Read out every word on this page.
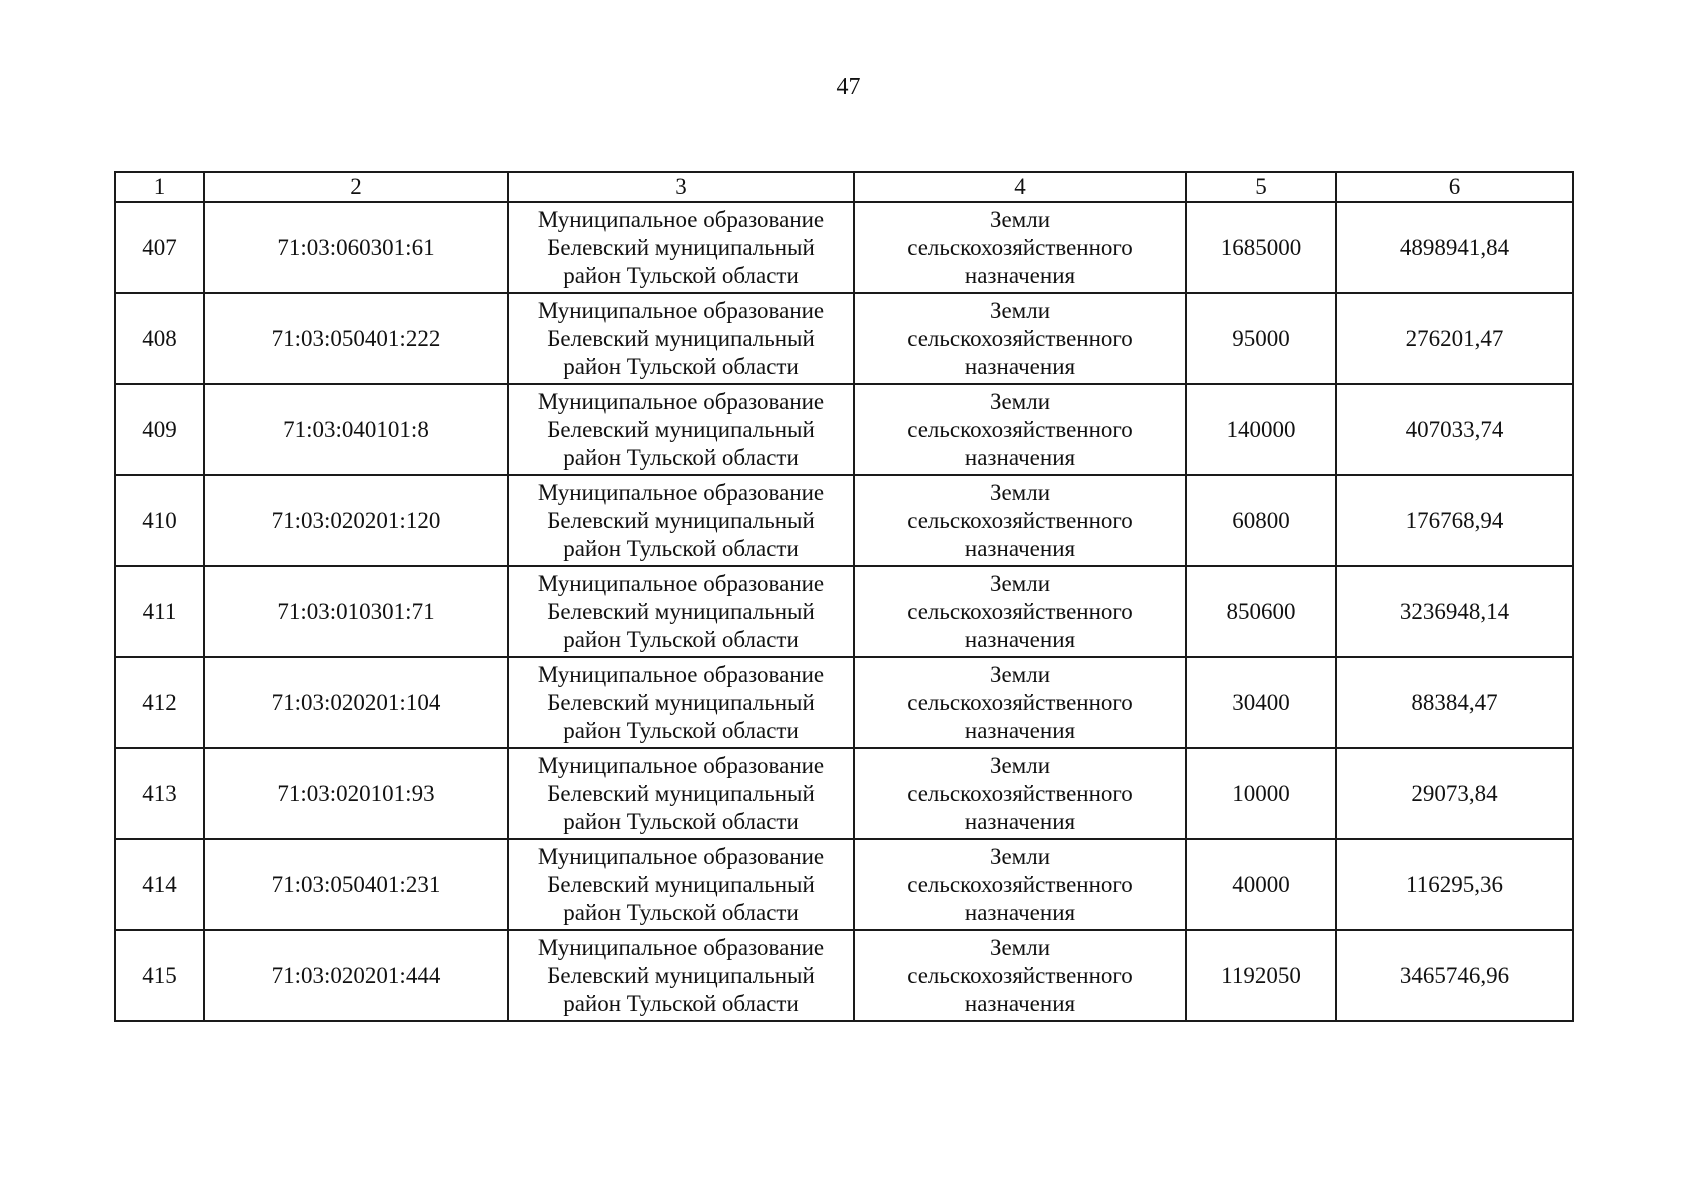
47
1	2	3	4	5	6
407	71:03:060301:61	Муниципальное образование
Белевский муниципальный
район Тульской области	Земли
сельскохозяйственного
назначения	1685000	4898941,84
408	71:03:050401:222	Муниципальное образование
Белевский муниципальный
район Тульской области	Земли
сельскохозяйственного
назначения	95000	276201,47
409	71:03:040101:8	Муниципальное образование
Белевский муниципальный
район Тульской области	Земли
сельскохозяйственного
назначения	140000	407033,74
410	71:03:020201:120	Муниципальное образование
Белевский муниципальный
район Тульской области	Земли
сельскохозяйственного
назначения	60800	176768,94
411	71:03:010301:71	Муниципальное образование
Белевский муниципальный
район Тульской области	Земли
сельскохозяйственного
назначения	850600	3236948,14
412	71:03:020201:104	Муниципальное образование
Белевский муниципальный
район Тульской области	Земли
сельскохозяйственного
назначения	30400	88384,47
413	71:03:020101:93	Муниципальное образование
Белевский муниципальный
район Тульской области	Земли
сельскохозяйственного
назначения	10000	29073,84
414	71:03:050401:231	Муниципальное образование
Белевский муниципальный
район Тульской области	Земли
сельскохозяйственного
назначения	40000	116295,36
415	71:03:020201:444	Муниципальное образование
Белевский муниципальный
район Тульской области	Земли
сельскохозяйственного
назначения	1192050	3465746,96
